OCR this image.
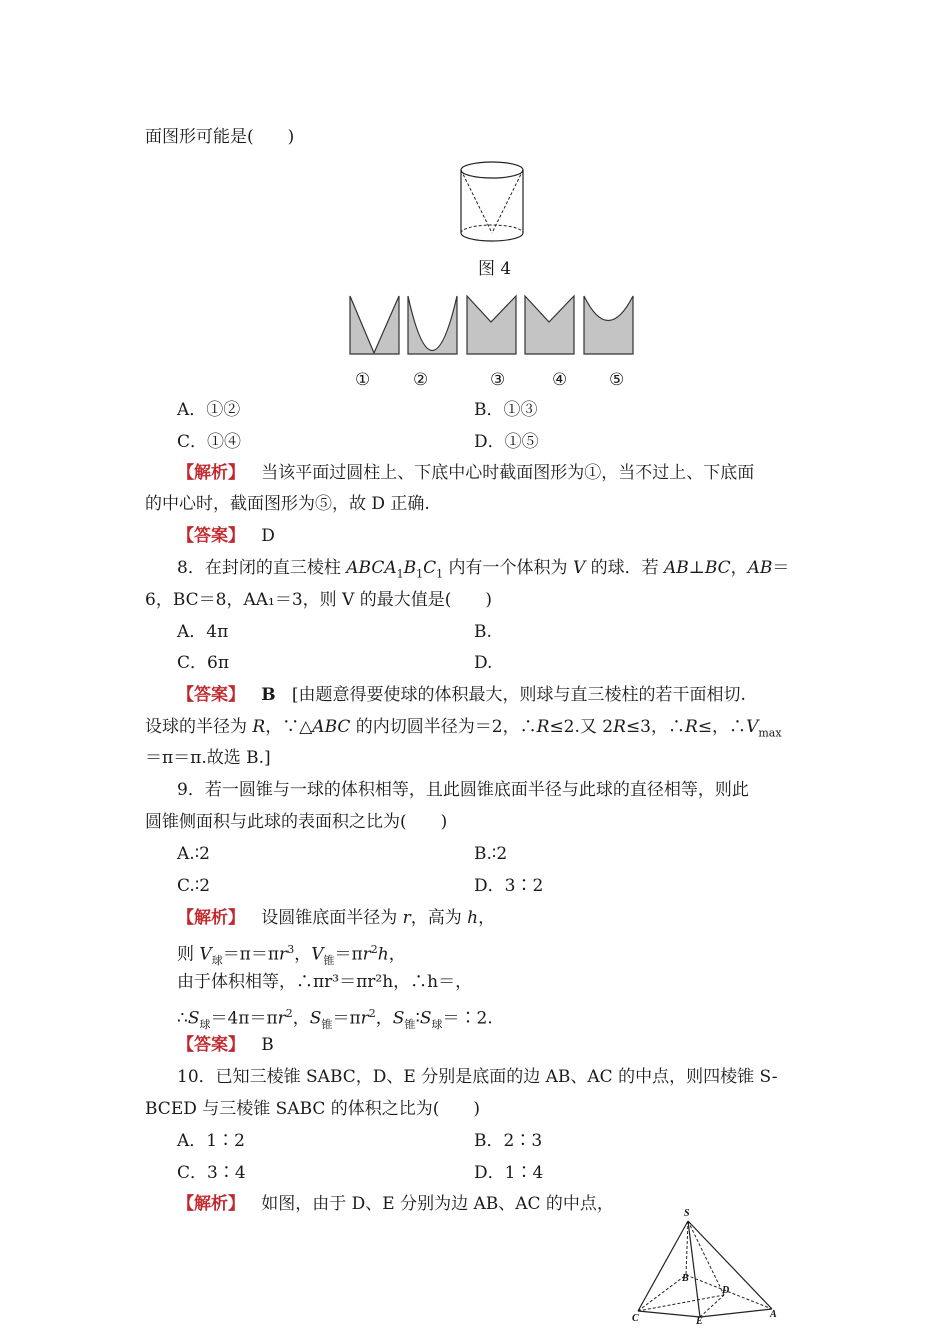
面图形可能是(　　)
图 4
①	②	③	④ ⑤
A．①②	B．①③
C．①④	D．①⑤
【解析】 当该平面过圆柱上、下底中心时截面图形为①，当不过上、下底面
的中心时，截面图形为⑤，故 D 正确.
【答案】 D
8．在封闭的直三棱柱 $ABCA_1B_1C_1$ 内有一个体积为 V 的球．若 AB⊥BC，AB＝
6，BC＝8，AA₁＝3，则 V 的最大值是(　　)
A．4π	B.
C．6π	D.
【答案】 B [由题意得要使球的体积最大，则球与直三棱柱的若干面相切.
设球的半径为 R，∵△ABC 的内切圆半径为＝2，∴R≤2.又 2R≤3，∴R≤，$\therefore V_{max}$
＝π＝π.故选 B.]
9．若一圆锥与一球的体积相等，且此圆锥底面半径与此球的直径相等，则此
圆锥侧面积与此球的表面积之比为(　　)
A.∶2	B.∶2
C.∶2	D．3∶2
【解析】   设圆锥底面半径为 r，高为 h，
则 $V_球=\pi=\pi r^3$，$V_锥=\pi r^2h$，
由于体积相等，∴πr³＝πr²h，∴h＝，
$\therefore S_球=4\pi=\pi r^2$，$S_锥=\pi r^2$，$S_锥∶S_球=∶2$.
【答案】 B
10．已知三棱锥 SABC，D、E 分别是底面的边 AB、AC 的中点，则四棱锥 S-
BCED 与三棱锥 SABC 的体积之比为(　　)
A．1∶2	B．2∶3
C．3∶4	D．1∶4
【解析】 如图，由于 D、E 分别为边 AB、AC 的中点，	S
B
D
C	E
A
